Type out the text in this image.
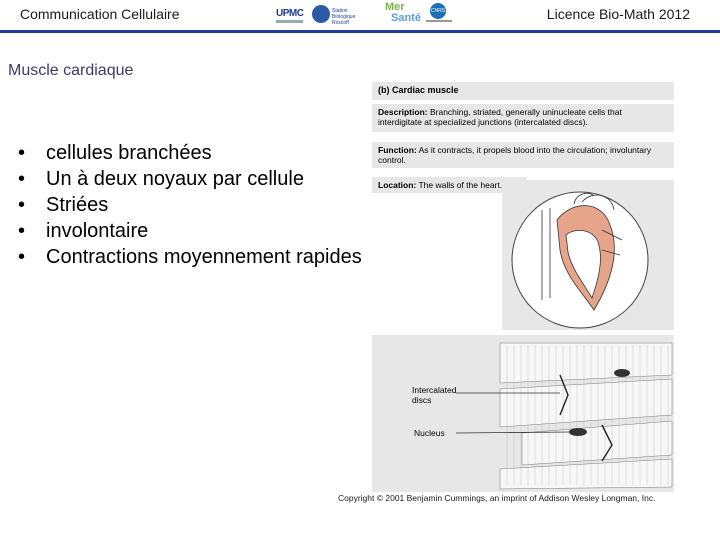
Communication Cellulaire	UPMC	Station Biologique Roscoff
Mer
Santé
CNRS	Licence Bio-Math 2012
Muscle cardiaque
(b) Cardiac muscle
Description: Branching, striated, generally uninucleate cells that interdigitate at specialized junctions (intercalated discs).
Function: As it contracts, it propels blood into the circulation; involuntary control.
Location: The walls of the heart.
Intercalated discs
Nucleus
• cellules branchées
• Un à deux noyaux par cellule
• Striées
• involontaire
• Contractions moyennement rapides
Copyright © 2001 Benjamin Cummings, an imprint of Addison Wesley Longman, Inc.
